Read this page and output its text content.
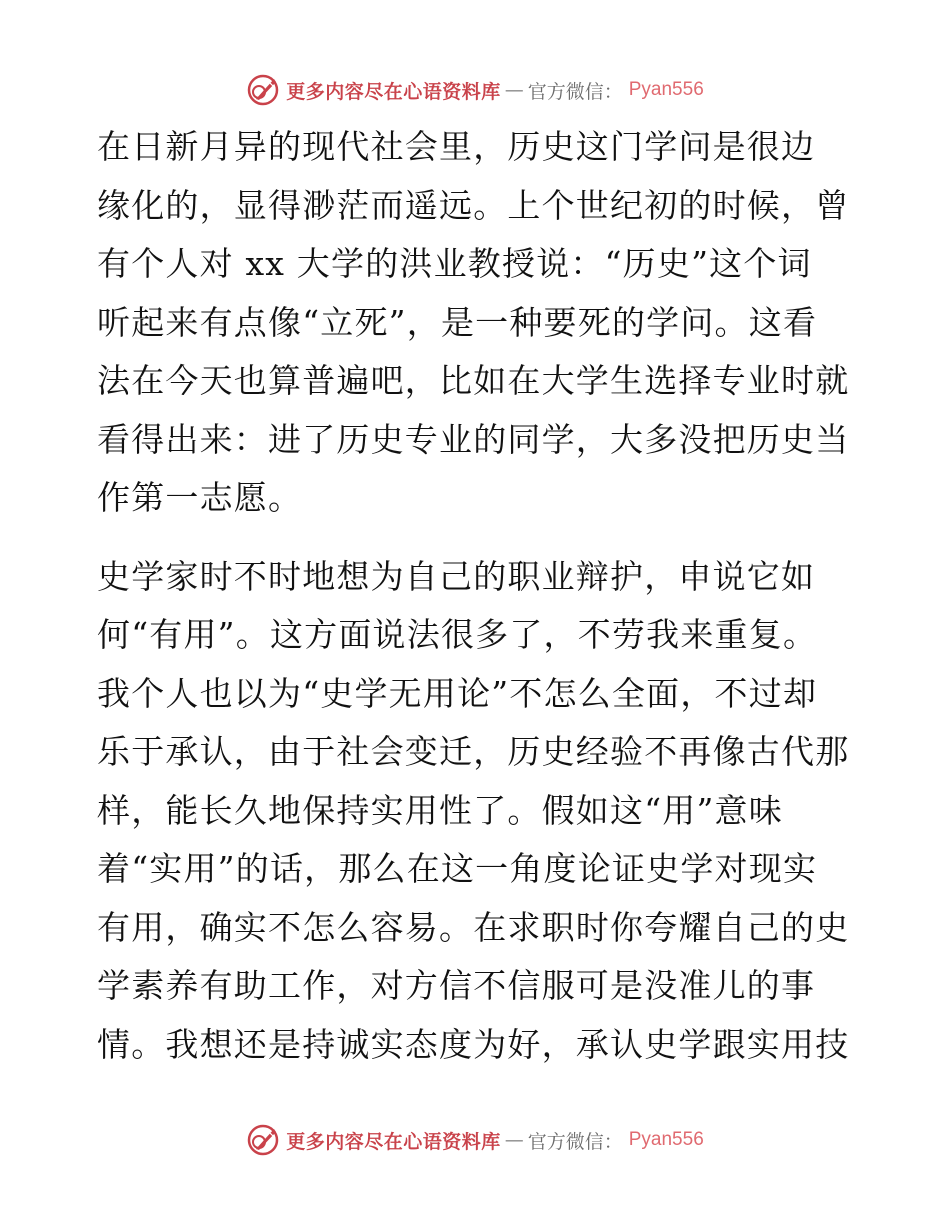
更多内容尽在心语资料库 — 官方微信： Pyan556

在日新月异的现代社会里，历史这门学问是很边
缘化的，显得渺茫而遥远。上个世纪初的时候，曾
有个人对 xx 大学的洪业教授说：“历史”这个词
听起来有点像“立死”，是一种要死的学问。这看
法在今天也算普遍吧，比如在大学生选择专业时就
看得出来：进了历史专业的同学，大多没把历史当
作第一志愿。

史学家时不时地想为自己的职业辩护，申说它如
何“有用”。这方面说法很多了，不劳我来重复。
我个人也以为“史学无用论”不怎么全面，不过却
乐于承认，由于社会变迁，历史经验不再像古代那
样，能长久地保持实用性了。假如这“用”意味
着“实用”的话，那么在这一角度论证史学对现实
有用，确实不怎么容易。在求职时你夸耀自己的史
学素养有助工作，对方信不信服可是没准儿的事
情。我想还是持诚实态度为好，承认史学跟实用技

更多内容尽在心语资料库 — 官方微信： Pyan556
